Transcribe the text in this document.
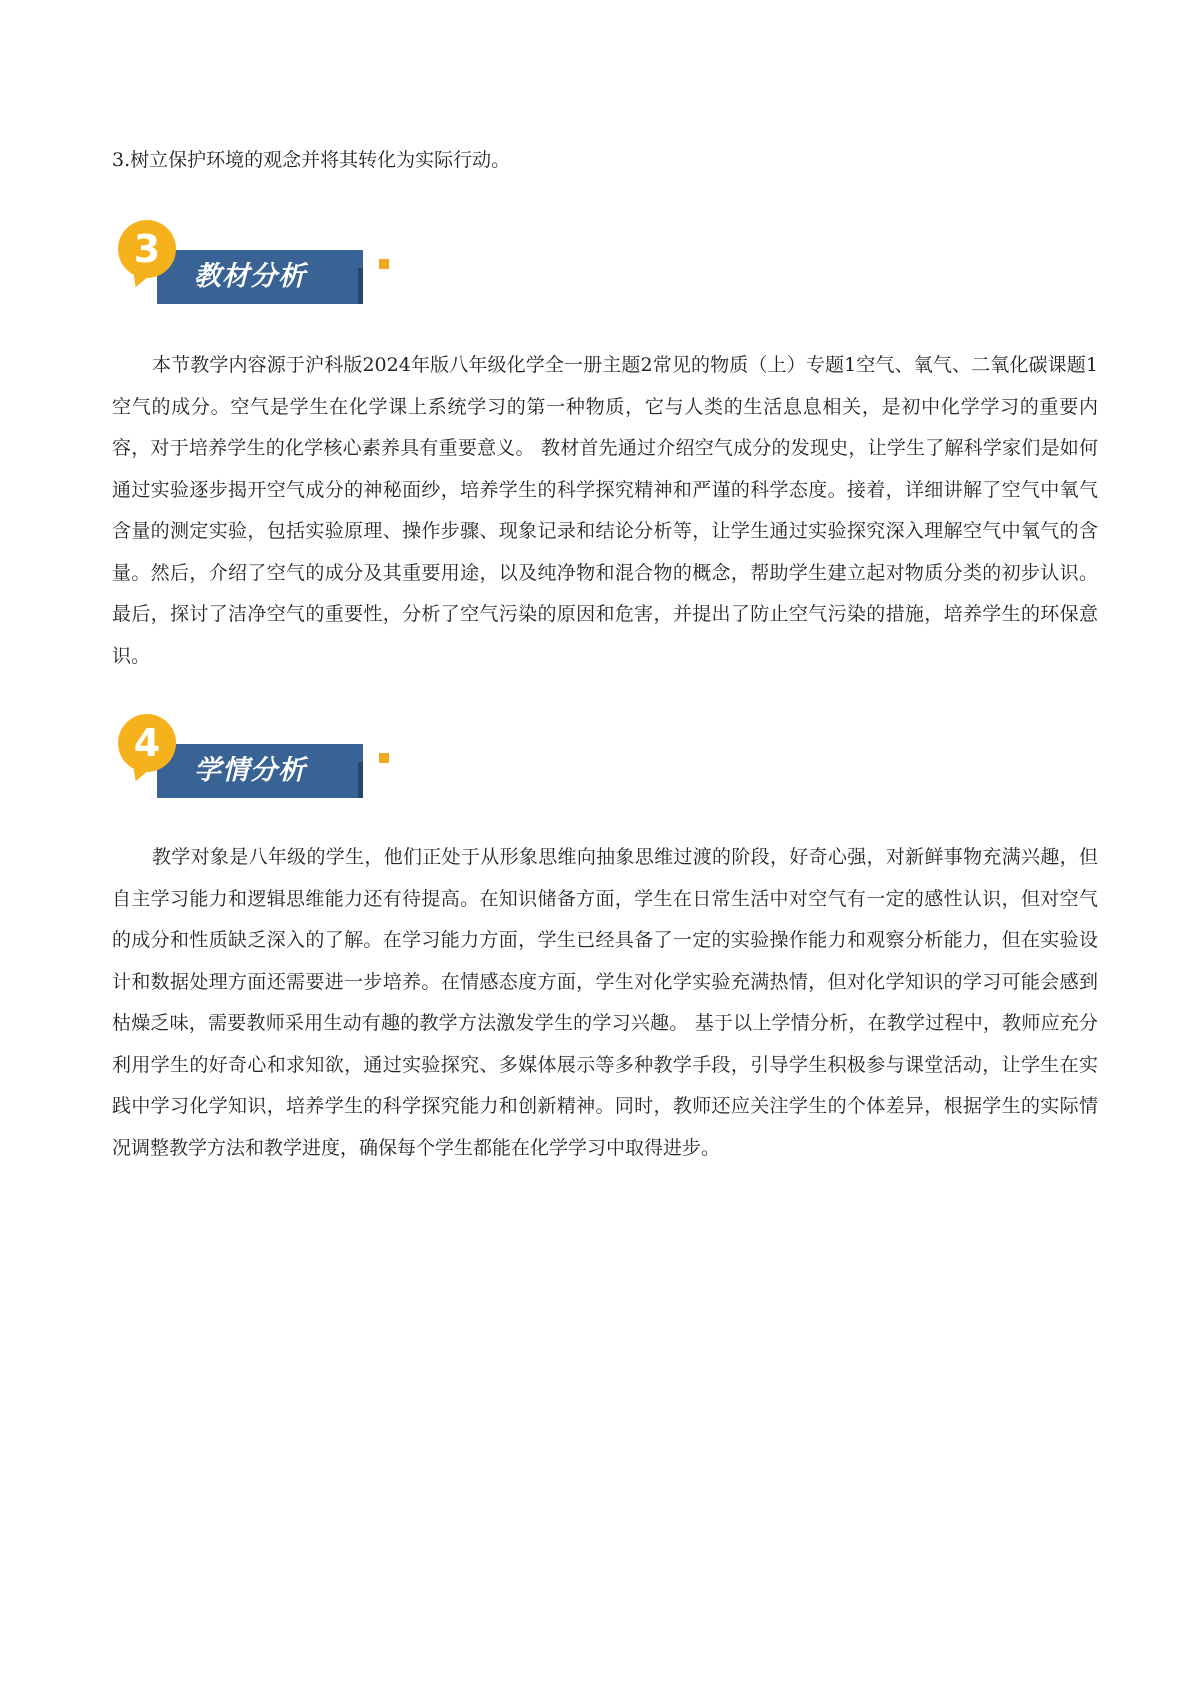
3.树立保护环境的观念并将其转化为实际行动。
教材分析
3

本节教学内容源于沪科版2024年版八年级化学全一册主题2常见的物质（上）专题1空气、氧气、二氧化碳课题1空气的成分。空气是学生在化学课上系统学习的第一种物质，它与人类的生活息息相关，是初中化学学习的重要内容，对于培养学生的化学核心素养具有重要意义。 教材首先通过介绍空气成分的发现史，让学生了解科学家们是如何通过实验逐步揭开空气成分的神秘面纱，培养学生的科学探究精神和严谨的科学态度。接着，详细讲解了空气中氧气含量的测定实验，包括实验原理、操作步骤、现象记录和结论分析等，让学生通过实验探究深入理解空气中氧气的含量。然后，介绍了空气的成分及其重要用途，以及纯净物和混合物的概念，帮助学生建立起对物质分类的初步认识。最后，探讨了洁净空气的重要性，分析了空气污染的原因和危害，并提出了防止空气污染的措施，培养学生的环保意识。

学情分析
4

教学对象是八年级的学生，他们正处于从形象思维向抽象思维过渡的阶段，好奇心强，对新鲜事物充满兴趣，但自主学习能力和逻辑思维能力还有待提高。在知识储备方面，学生在日常生活中对空气有一定的感性认识，但对空气的成分和性质缺乏深入的了解。在学习能力方面，学生已经具备了一定的实验操作能力和观察分析能力，但在实验设计和数据处理方面还需要进一步培养。在情感态度方面，学生对化学实验充满热情，但对化学知识的学习可能会感到枯燥乏味，需要教师采用生动有趣的教学方法激发学生的学习兴趣。 基于以上学情分析，在教学过程中，教师应充分利用学生的好奇心和求知欲，通过实验探究、多媒体展示等多种教学手段，引导学生积极参与课堂活动，让学生在实践中学习化学知识，培养学生的科学探究能力和创新精神。同时，教师还应关注学生的个体差异，根据学生的实际情况调整教学方法和教学进度，确保每个学生都能在化学学习中取得进步。
